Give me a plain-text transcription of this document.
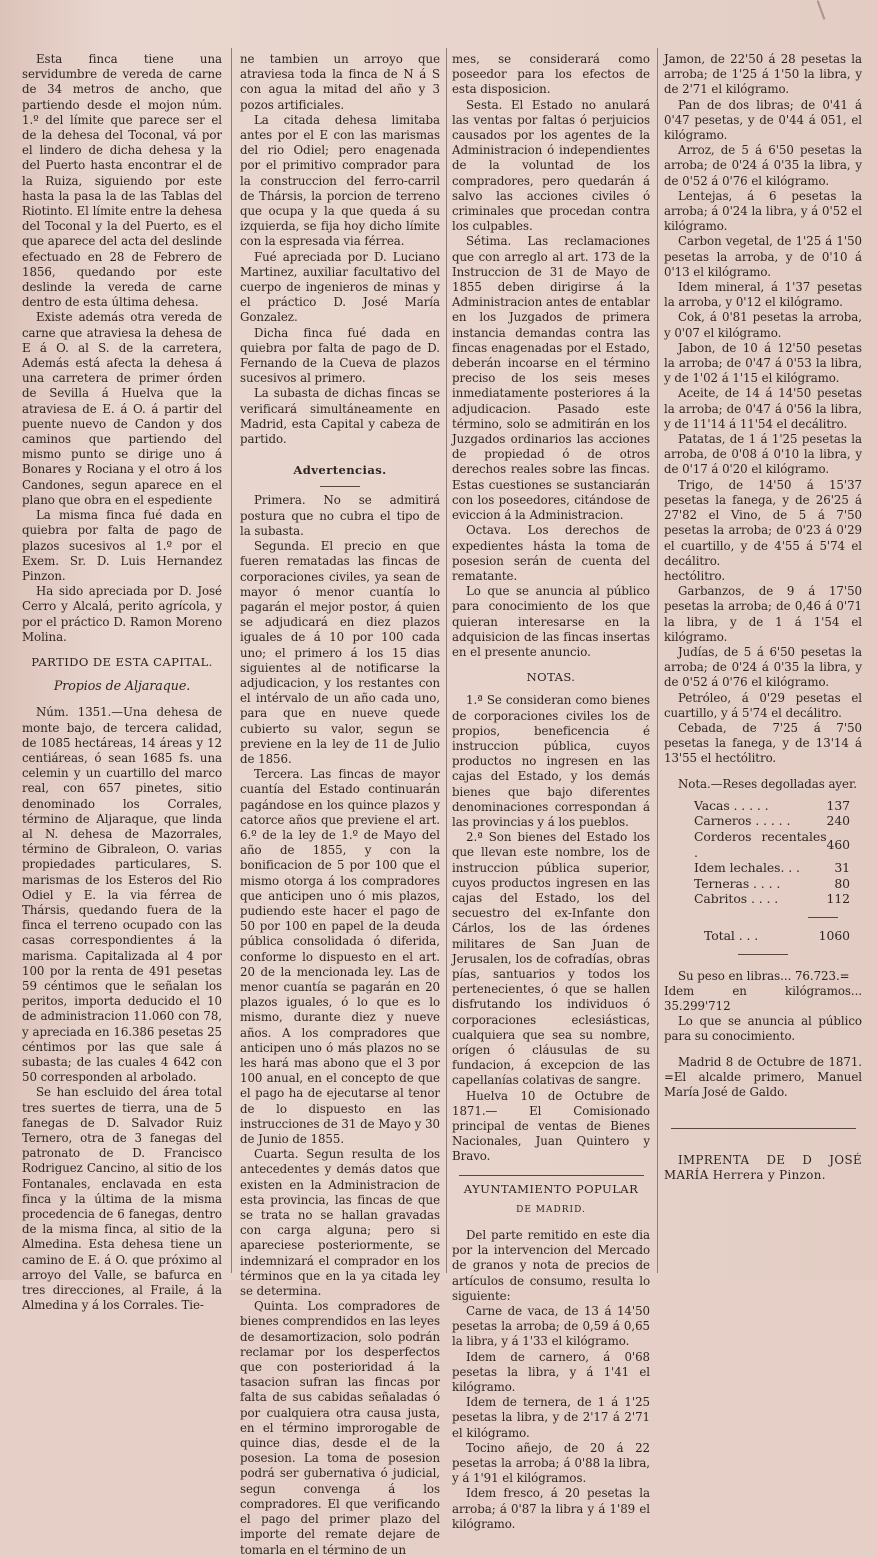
Esta finca tiene una servidumbre de vereda de carne de 34 metros de ancho, que partiendo desde el mojon núm. 1.º del límite que parece ser el de la dehesa del Toconal, vá por el lindero de dicha dehesa y la del Puerto hasta encontrar el de la Ruiza, siguiendo por este hasta la pasa la de las Tablas del Riotinto. El límite entre la dehesa del Toconal y la del Puerto, es el que aparece del acta del deslinde efectuado en 28 de Febrero de 1856, quedando por este deslinde la vereda de carne dentro de esta última dehesa.

Existe además otra vereda de carne que atraviesa la dehesa de E á O. al S. de la carretera, Además está afecta la dehesa á una carretera de primer órden de Sevilla á Huelva que la atraviesa de E. á O. á partir del puente nuevo de Candon y dos caminos que partiendo del mismo punto se dirige uno á Bonares y Rociana y el otro á los Candones, segun aparece en el plano que obra en el espediente

La misma finca fué dada en quiebra por falta de pago de plazos sucesivos al 1.º por el Exem. Sr. D. Luis Hernandez Pinzon.

Ha sido apreciada por D. José Cerro y Alcalá, perito agrícola, y por el práctico D. Ramon Moreno Molina.

PARTIDO DE ESTA CAPITAL.
Propios de Aljaraque.

Núm. 1351.—Una dehesa de monte bajo, de tercera calidad, de 1085 hectáreas, 14 áreas y 12 centiáreas, ó sean 1685 fs. una celemin y un cuartillo del marco real, con 657 pinetes, sitio denominado los Corrales, término de Aljaraque, que linda al N. dehesa de Mazorrales, término de Gibraleon, O. varias propiedades particulares, S. marismas de los Esteros del Rio Odiel y E. la via férrea de Thársis, quedando fuera de la finca el terreno ocupado con las casas correspondientes á la marisma. Capitalizada al 4 por 100 por la renta de 491 pesetas 59 céntimos que le señalan los peritos, importa deducido el 10 de administracion 11.060 con 78, y apreciada en 16.386 pesetas 25 céntimos por las que sale á subasta; de las cuales 4 642 con 50 corresponden al arbolado.

Se han escluido del área total tres suertes de tierra, una de 5 fanegas de D. Salvador Ruiz Ternero, otra de 3 fanegas del patronato de D. Francisco Rodriguez Cancino, al sitio de los Fontanales, enclavada en esta finca y la última de la misma procedencia de 6 fanegas, dentro de la misma finca, al sitio de la Almedina. Esta dehesa tiene un camino de E. á O. que próximo al arroyo del Valle, se bafurca en tres direcciones, al Fraile, á la Almedina y á los Corrales. Tie-

ne tambien un arroyo que atraviesa toda la finca de N á S con agua la mitad del año y 3 pozos artificiales.

La citada dehesa limitaba antes por el E con las marismas del rio Odiel; pero enagenada por el primitivo comprador para la construccion del ferro-carril de Thársis, la porcion de terreno que ocupa y la que queda á su izquierda, se fija hoy dicho límite con la espresada via férrea.

Fué apreciada por D. Luciano Martinez, auxiliar facultativo del cuerpo de ingenieros de minas y el práctico D. José María Gonzalez.

Dicha finca fué dada en quiebra por falta de pago de D. Fernando de la Cueva de plazos sucesivos al primero.

La subasta de dichas fincas se verificará simultáneamente en Madrid, esta Capital y cabeza de partido.

Advertencias.

Primera. No se admitirá postura que no cubra el tipo de la subasta.

Segunda. El precio en que fueren rematadas las fincas de corporaciones civiles, ya sean de mayor ó menor cuantía lo pagarán el mejor postor, á quien se adjudicará en diez plazos iguales de á 10 por 100 cada uno; el primero á los 15 dias siguientes al de notificarse la adjudicacion, y los restantes con el intérvalo de un año cada uno, para que en nueve quede cubierto su valor, segun se previene en la ley de 11 de Julio de 1856.

Tercera. Las fincas de mayor cuantía del Estado continuarán pagándose en los quince plazos y catorce años que previene el art. 6.º de la ley de 1.º de Mayo del año de 1855, y con la bonificacion de 5 por 100 que el mismo otorga á los compradores que anticipen uno ó mis plazos, pudiendo este hacer el pago de 50 por 100 en papel de la deuda pública consolidada ó diferida, conforme lo dispuesto en el art. 20 de la mencionada ley. Las de menor cuantía se pagarán en 20 plazos iguales, ó lo que es lo mismo, durante diez y nueve años. A los compradores que anticipen uno ó más plazos no se les hará mas abono que el 3 por 100 anual, en el concepto de que el pago ha de ejecutarse al tenor de lo dispuesto en las instrucciones de 31 de Mayo y 30 de Junio de 1855.

Cuarta. Segun resulta de los antecedentes y demás datos que existen en la Administracion de esta provincia, las fincas de que se trata no se hallan gravadas con carga alguna; pero si apareciese posteriormente, se indemnizará el comprador en los términos que en la ya citada ley se determina.

Quinta. Los compradores de bienes comprendidos en las leyes de desamortizacion, solo podrán reclamar por los desperfectos que con posterioridad á la tasacion sufran las fincas por falta de sus cabidas señaladas ó por cualquiera otra causa justa, en el término improrogable de quince dias, desde el de la posesion. La toma de posesion podrá ser gubernativa ó judicial, segun convenga á los compradores. El que verificando el pago del primer plazo del importe del remate dejare de tomarla en el término de un

mes, se considerará como poseedor para los efectos de esta disposicion.

Sesta. El Estado no anulará las ventas por faltas ó perjuicios causados por los agentes de la Administracion ó independientes de la voluntad de los compradores, pero quedarán á salvo las acciones civiles ó criminales que procedan contra los culpables.

Sétima. Las reclamaciones que con arreglo al art. 173 de la Instruccion de 31 de Mayo de 1855 deben dirigirse á la Administracion antes de entablar en los Juzgados de primera instancia demandas contra las fincas enagenadas por el Estado, deberán incoarse en el término preciso de los seis meses inmediatamente posteriores á la adjudicacion. Pasado este término, solo se admitirán en los Juzgados ordinarios las acciones de propiedad ó de otros derechos reales sobre las fincas. Estas cuestiones se sustanciarán con los poseedores, citándose de eviccion á la Administracion.

Octava. Los derechos de expedientes hásta la toma de posesion serán de cuenta del rematante.

Lo que se anuncia al público para conocimiento de los que quieran interesarse en la adquisicion de las fincas insertas en el presente anuncio.

NOTAS.

1.ª Se consideran como bienes de corporaciones civiles los de propios, beneficencia é instruccion pública, cuyos productos no ingresen en las cajas del Estado, y los demás bienes que bajo diferentes denominaciones correspondan á las provincias y á los pueblos.

2.ª Son bienes del Estado los que llevan este nombre, los de instruccion pública superior, cuyos productos ingresen en las cajas del Estado, los del secuestro del ex-Infante don Cárlos, los de las órdenes militares de San Juan de Jerusalen, los de cofradías, obras pías, santuarios y todos los pertenecientes, ó que se hallen disfrutando los individuos ó corporaciones eclesiásticas, cualquiera que sea su nombre, orígen ó cláusulas de su fundacion, á excepcion de las capellanías colativas de sangre.

Huelva 10 de Octubre de 1871.— El Comisionado principal de ventas de Bienes Nacionales, Juan Quintero y Bravo.

AYUNTAMIENTO POPULAR
DE MADRID.

Del parte remitido en este dia por la intervencion del Mercado de granos y nota de precios de artículos de consumo, resulta lo siguiente:

Carne de vaca, de 13 á 14'50 pesetas la arroba; de 0,59 á 0,65 la libra, y á 1'33 el kilógramo.

Idem de carnero, á 0'68 pesetas la libra, y á 1'41 el kilógramo.

Idem de ternera, de 1 á 1'25 pesetas la libra, y de 2'17 á 2'71 el kilógramo.

Tocino añejo, de 20 á 22 pesetas la arroba; á 0'88 la libra, y á 1'91 el kilógramos.

Idem fresco, á 20 pesetas la arroba; á 0'87 la libra y á 1'89 el kilógramo.

Jamon, de 22'50 á 28 pesetas la arroba; de 1'25 á 1'50 la libra, y de 2'71 el kilógramo.

Pan de dos libras; de 0'41 á 0'47 pesetas, y de 0'44 á 051, el kilógramo.

Arroz, de 5 á 6'50 pesetas la arroba; de 0'24 á 0'35 la libra, y de 0'52 á 0'76 el kilógramo.

Lentejas, á 6 pesetas la arroba; á 0'24 la libra, y á 0'52 el kilógramo.

Carbon vegetal, de 1'25 á 1'50 pesetas la arroba, y de 0'10 á 0'13 el kilógramo.

Idem mineral, á 1'37 pesetas la arroba, y 0'12 el kilógramo.

Cok, á 0'81 pesetas la arroba, y 0'07 el kilógramo.

Jabon, de 10 á 12'50 pesetas la arroba; de 0'47 á 0'53 la libra, y de 1'02 á 1'15 el kilógramo.

Aceite, de 14 á 14'50 pesetas la arroba; de 0'47 á 0'56 la libra, y de 11'14 á 11'54 el decálitro.

Patatas, de 1 á 1'25 pesetas la arroba, de 0'08 á 0'10 la libra, y de 0'17 á 0'20 el kilógramo.

Trigo, de 14'50 á 15'37 pesetas la fanega, y de 26'25 á 27'82 el Vino, de 5 á 7'50 pesetas la arroba; de 0'23 á 0'29 el cuartillo, y de 4'55 á 5'74 el decálitro.

hectólitro.

Garbanzos, de 9 á 17'50 pesetas la arroba; de 0,46 á 0'71 la libra, y de 1 á 1'54 el kilógramo.

Judías, de 5 á 6'50 pesetas la arroba; de 0'24 á 0'35 la libra, y de 0'52 á 0'76 el kilógramo.

Petróleo, á 0'29 pesetas el cuartillo, y á 5'74 el decálitro.

Cebada, de 7'25 á 7'50 pesetas la fanega, y de 13'14 á 13'55 el hectólitro.

Nota.—Reses degolladas ayer.

Vacas . . . . .	137
Carneros . . . . .	240
Corderos recentales .	460
Idem lechales. . .	31
Terneras . . . .	80
Cabritos . . . .	112
Total . . .	1060

Su peso en libras... 76.723.=

Idem en kilógramos... 35.299'712

Lo que se anuncia al público para su conocimiento.

Madrid 8 de Octubre de 1871. =El alcalde primero, Manuel María José de Galdo.

IMPRENTA DE D JOSÉ MARÍA Herrera y Pinzon.
